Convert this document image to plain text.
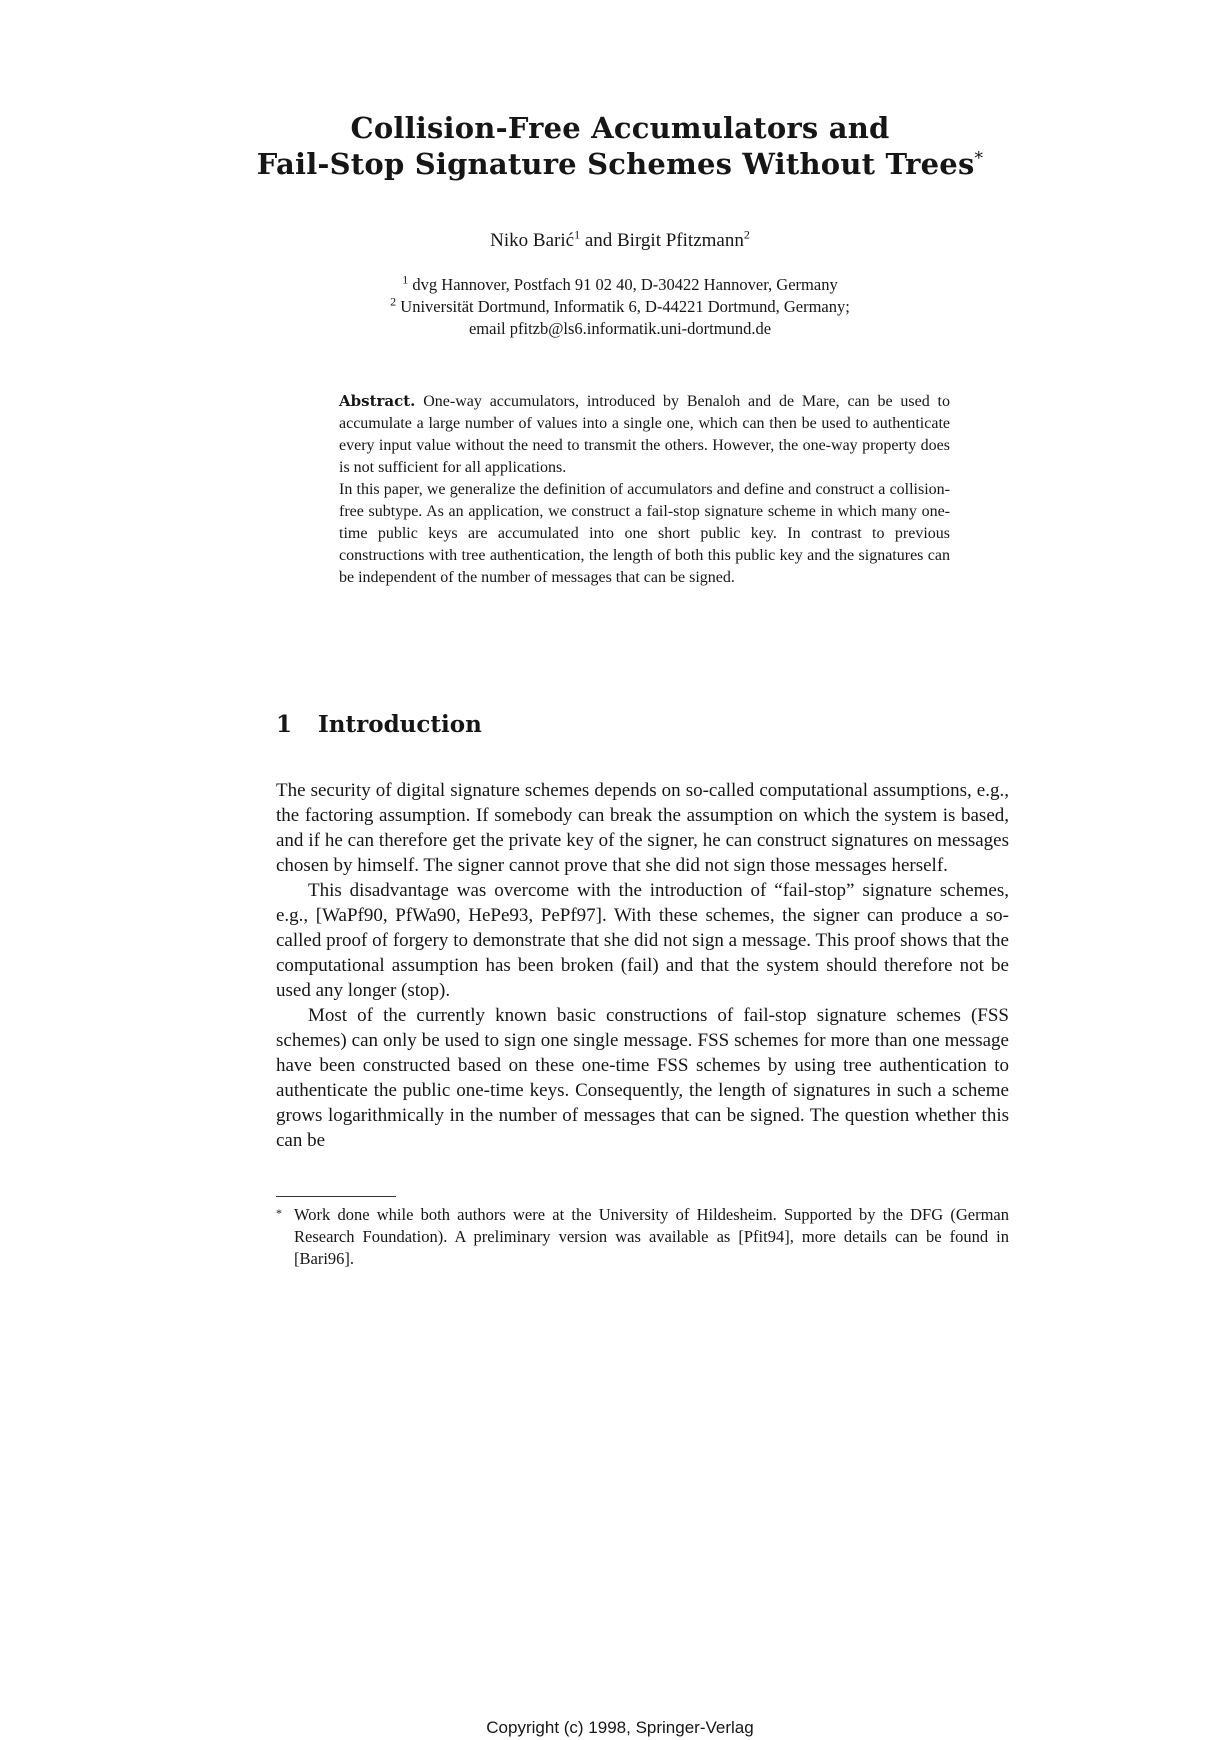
Collision-Free Accumulators and
Fail-Stop Signature Schemes Without Trees*
Niko Barić$^1$ and Birgit Pfitzmann$^2$
$^1$ dvg Hannover, Postfach 91 02 40, D-30422 Hannover, Germany
$^2$ Universität Dortmund, Informatik 6, D-44221 Dortmund, Germany;
email pfitzb@ls6.informatik.uni-dortmund.de

Abstract. One-way accumulators, introduced by Benaloh and de Mare, can be used to accumulate a large number of values into a single one, which can then be used to authenticate every input value without the need to transmit the others. However, the one-way property does is not sufficient for all applications.

In this paper, we generalize the definition of accumulators and define and construct a collision-free subtype. As an application, we construct a fail-stop signature scheme in which many one-time public keys are accumulated into one short public key. In contrast to previous constructions with tree authentication, the length of both this public key and the signatures can be independent of the number of messages that can be signed.

1 Introduction

The security of digital signature schemes depends on so-called computational assumptions, e.g., the factoring assumption. If somebody can break the assumption on which the system is based, and if he can therefore get the private key of the signer, he can construct signatures on messages chosen by himself. The signer cannot prove that she did not sign those messages herself.

This disadvantage was overcome with the introduction of “fail-stop” signature schemes, e.g., [WaPf90, PfWa90, HePe93, PePf97]. With these schemes, the signer can produce a so-called proof of forgery to demonstrate that she did not sign a message. This proof shows that the computational assumption has been broken (fail) and that the system should therefore not be used any longer (stop).

Most of the currently known basic constructions of fail-stop signature schemes (FSS schemes) can only be used to sign one single message. FSS schemes for more than one message have been constructed based on these one-time FSS schemes by using tree authentication to authenticate the public one-time keys. Consequently, the length of signatures in such a scheme grows logarithmically in the number of messages that can be signed. The question whether this can be

* Work done while both authors were at the University of Hildesheim. Supported by the DFG (German Research Foundation). A preliminary version was available as [Pfit94], more details can be found in [Bari96].
Copyright (c) 1998, Springer-Verlag
